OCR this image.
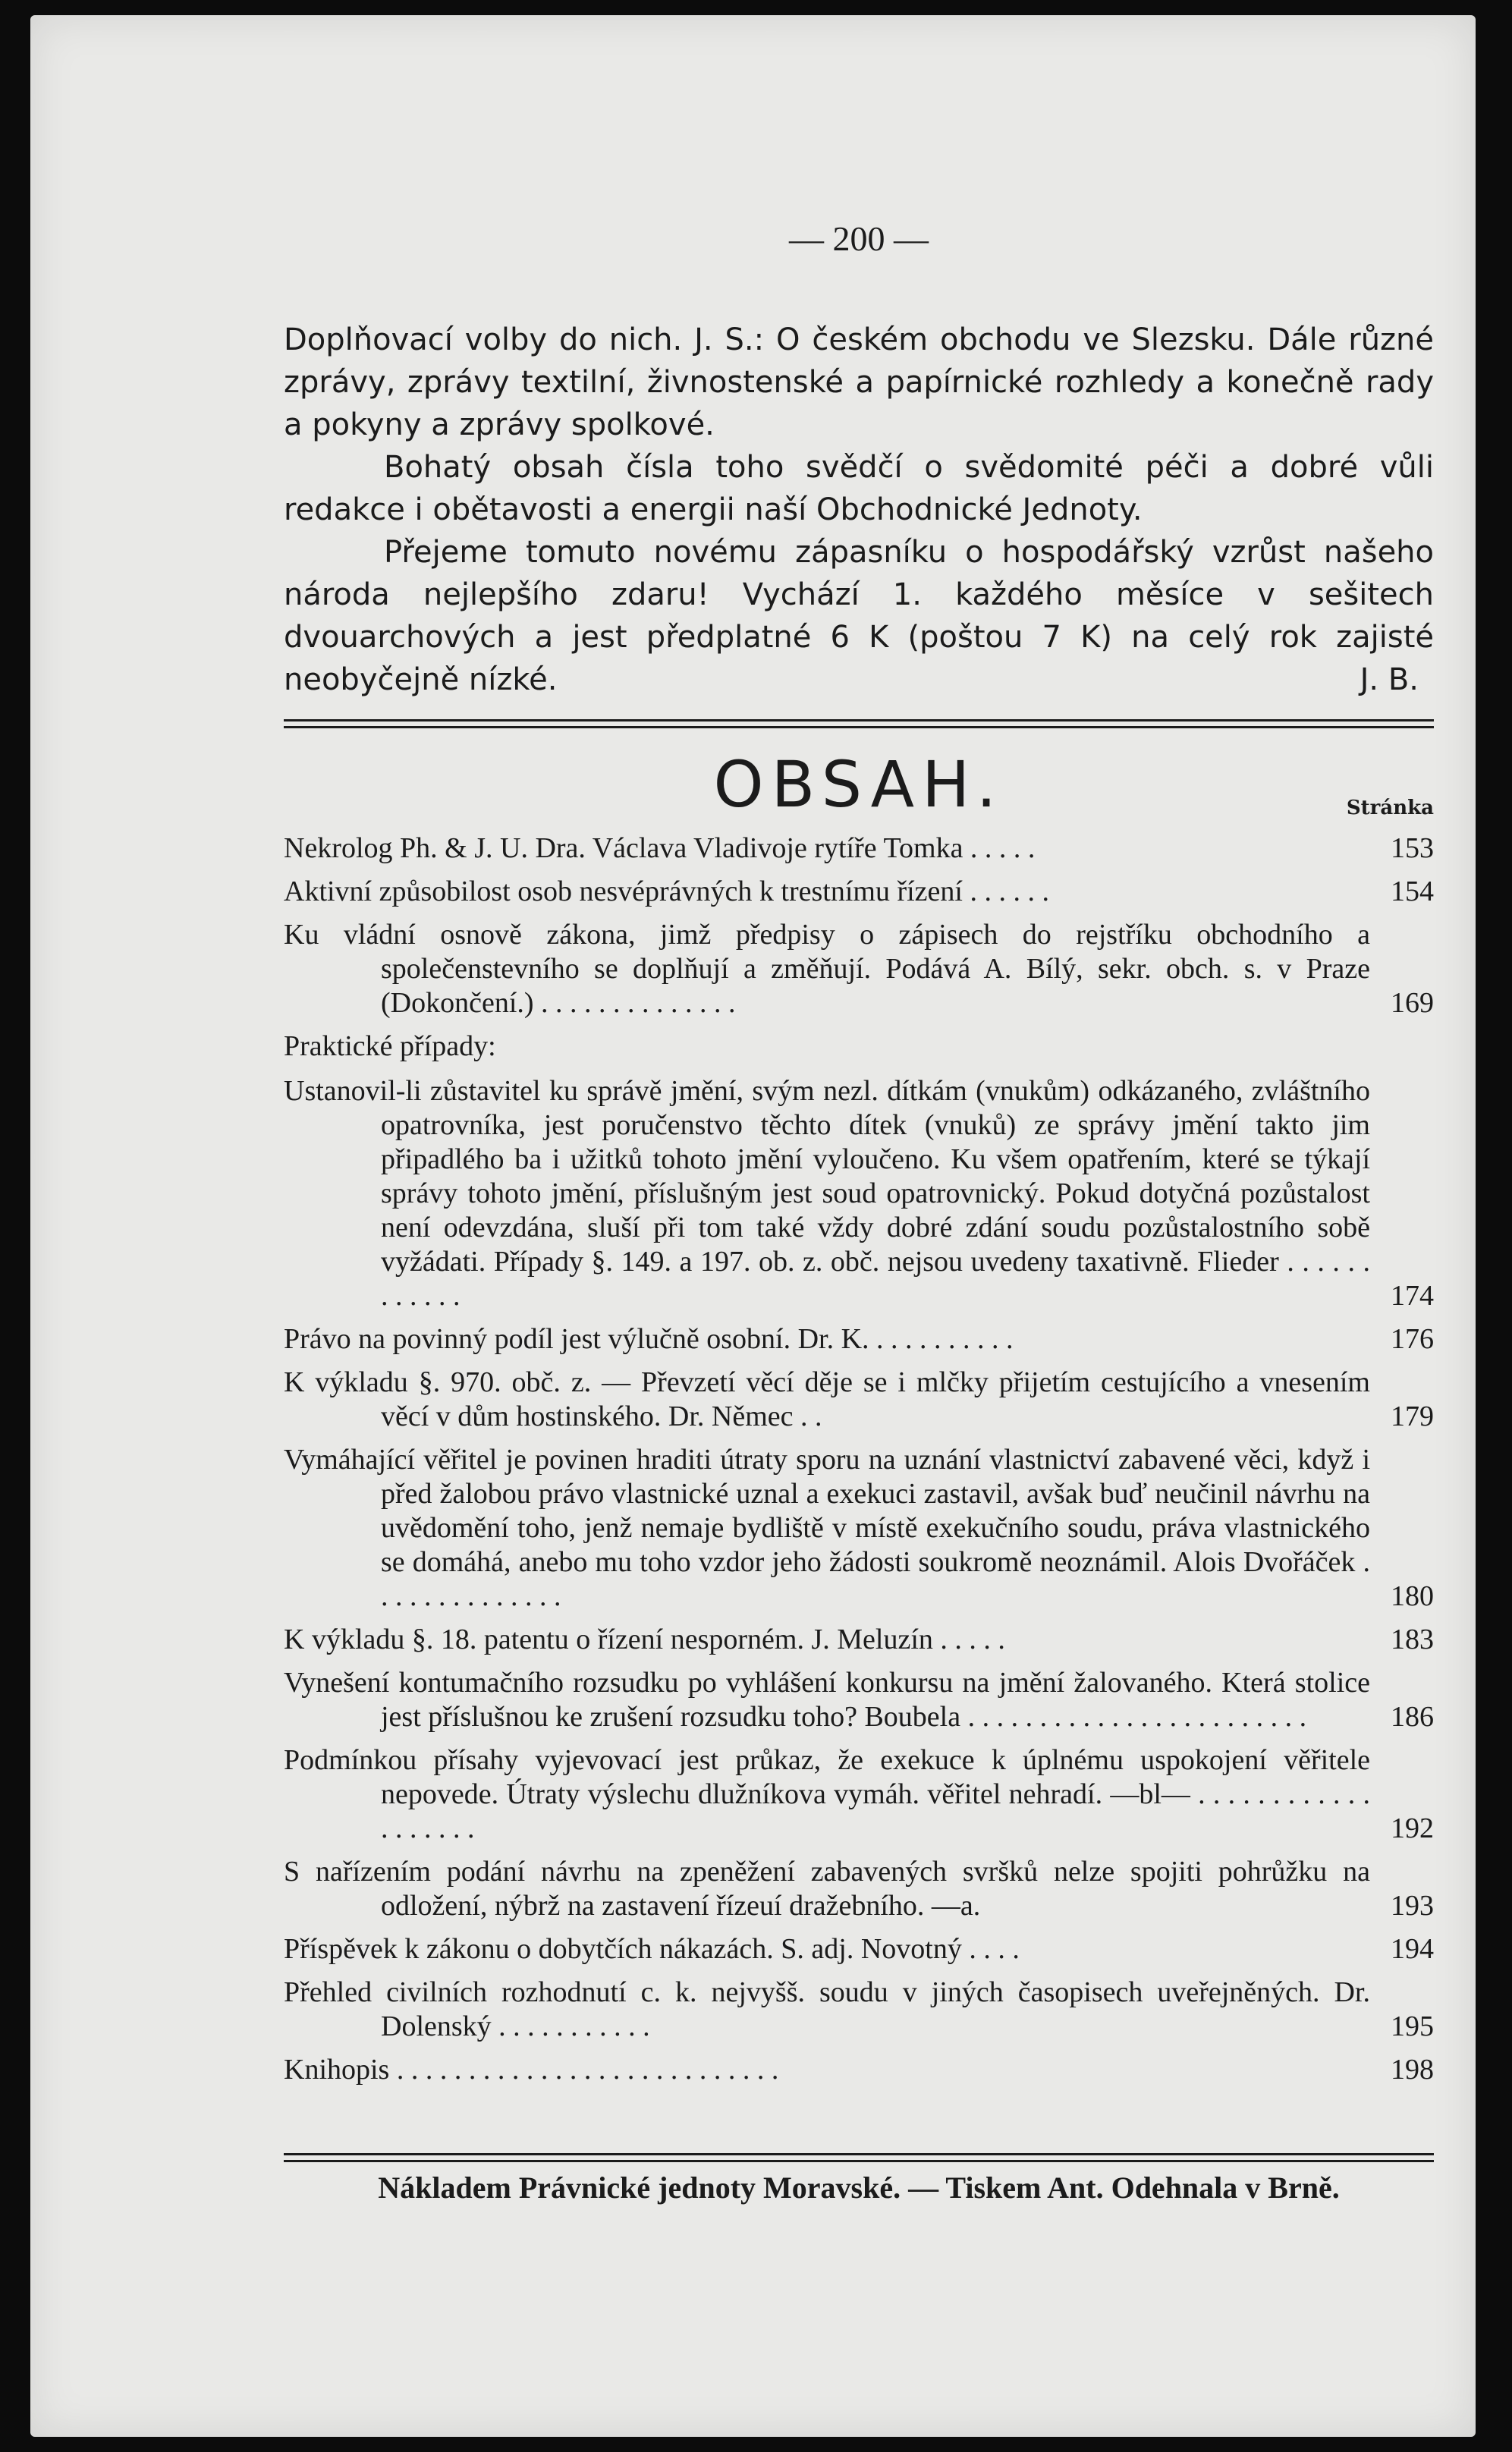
— 200 —

Doplňovací volby do nich. J. S.: O českém obchodu ve Slezsku. Dále různé zprávy, zprávy textilní, živnostenské a papírnické rozhledy a konečně rady a pokyny a zprávy spolkové.

Bohatý obsah čísla toho svědčí o svědomité péči a dobré vůli redakce i obětavosti a energii naší Obchodnické Jednoty.

Přejeme tomuto novému zápasníku o hospodářský vzrůst našeho národa nejlepšího zdaru! Vychází 1. každého měsíce v sešitech dvouarchových a jest předplatné 6 K (poštou 7 K) na celý rok zajisté neobyčejně nízké.	J. B.
OBSAH.	Stránka
Nekrolog Ph. & J. U. Dra. Václava Vladivoje rytíře Tomka . . . . .	153
Aktivní způsobilost osob nesvéprávných k trestnímu řízení . . . . . .	154
Ku vládní osnově zákona, jimž předpisy o zápisech do rejstříku obchodního a společenstevního se doplňují a změňují. Podává A. Bílý, sekr. obch. s. v Praze (Dokončení.) . . . . . . . . . . . . . .	169
Praktické případy:
Ustanovil-li zůstavitel ku správě jmění, svým nezl. dítkám (vnukům) odkázaného, zvláštního opatrovníka, jest poručenstvo těchto dítek (vnuků) ze správy jmění takto jim připadlého ba i užitků tohoto jmění vyloučeno. Ku všem opatřením, které se týkají správy tohoto jmění, příslušným jest soud opatrovnický. Pokud dotyčná pozůstalost není odevzdána, sluší při tom také vždy dobré zdání soudu pozůstalostního sobě vyžádati. Případy §. 149. a 197. ob. z. obč. nejsou uvedeny taxativně. Flieder . . . . . . . . . . . .	174
Právo na povinný podíl jest výlučně osobní. Dr. K. . . . . . . . . . .	176
K výkladu §. 970. obč. z. — Převzetí věcí děje se i mlčky přijetím cestujícího a vnesením věcí v dům hostinského. Dr. Němec . .	179
Vymáhající věřitel je povinen hraditi útraty sporu na uznání vlastnictví zabavené věci, když i před žalobou právo vlastnické uznal a exekuci zastavil, avšak buď neučinil návrhu na uvědomění toho, jenž nemaje bydliště v místě exekučního soudu, práva vlastnického se domáhá, anebo mu toho vzdor jeho žádosti soukromě neoznámil. Alois Dvořáček . . . . . . . . . . . . . .	180
K výkladu §. 18. patentu o řízení nesporném. J. Meluzín . . . . .	183
Vynešení kontumačního rozsudku po vyhlášení konkursu na jmění žalovaného. Která stolice jest příslušnou ke zrušení rozsudku toho? Boubela . . . . . . . . . . . . . . . . . . . . . . . .	186
Podmínkou přísahy vyjevovací jest průkaz, že exekuce k úplnému uspokojení věřitele nepovede. Útraty výslechu dlužníkova vymáh. věřitel nehradí. —bl— . . . . . . . . . . . . . . . . . . .	192
S nařízením podání návrhu na zpeněžení zabavených svršků nelze spojiti pohrůžku na odložení, nýbrž na zastavení řízeuí dražebního. —a.	193
Příspěvek k zákonu o dobytčích nákazách. S. adj. Novotný . . . .	194
Přehled civilních rozhodnutí c. k. nejvyšš. soudu v jiných časopisech uveřejněných. Dr. Dolenský . . . . . . . . . . .	195
Knihopis . . . . . . . . . . . . . . . . . . . . . . . . . . .	198
Nákladem Právnické jednoty Moravské. — Tiskem Ant. Odehnala v Brně.
